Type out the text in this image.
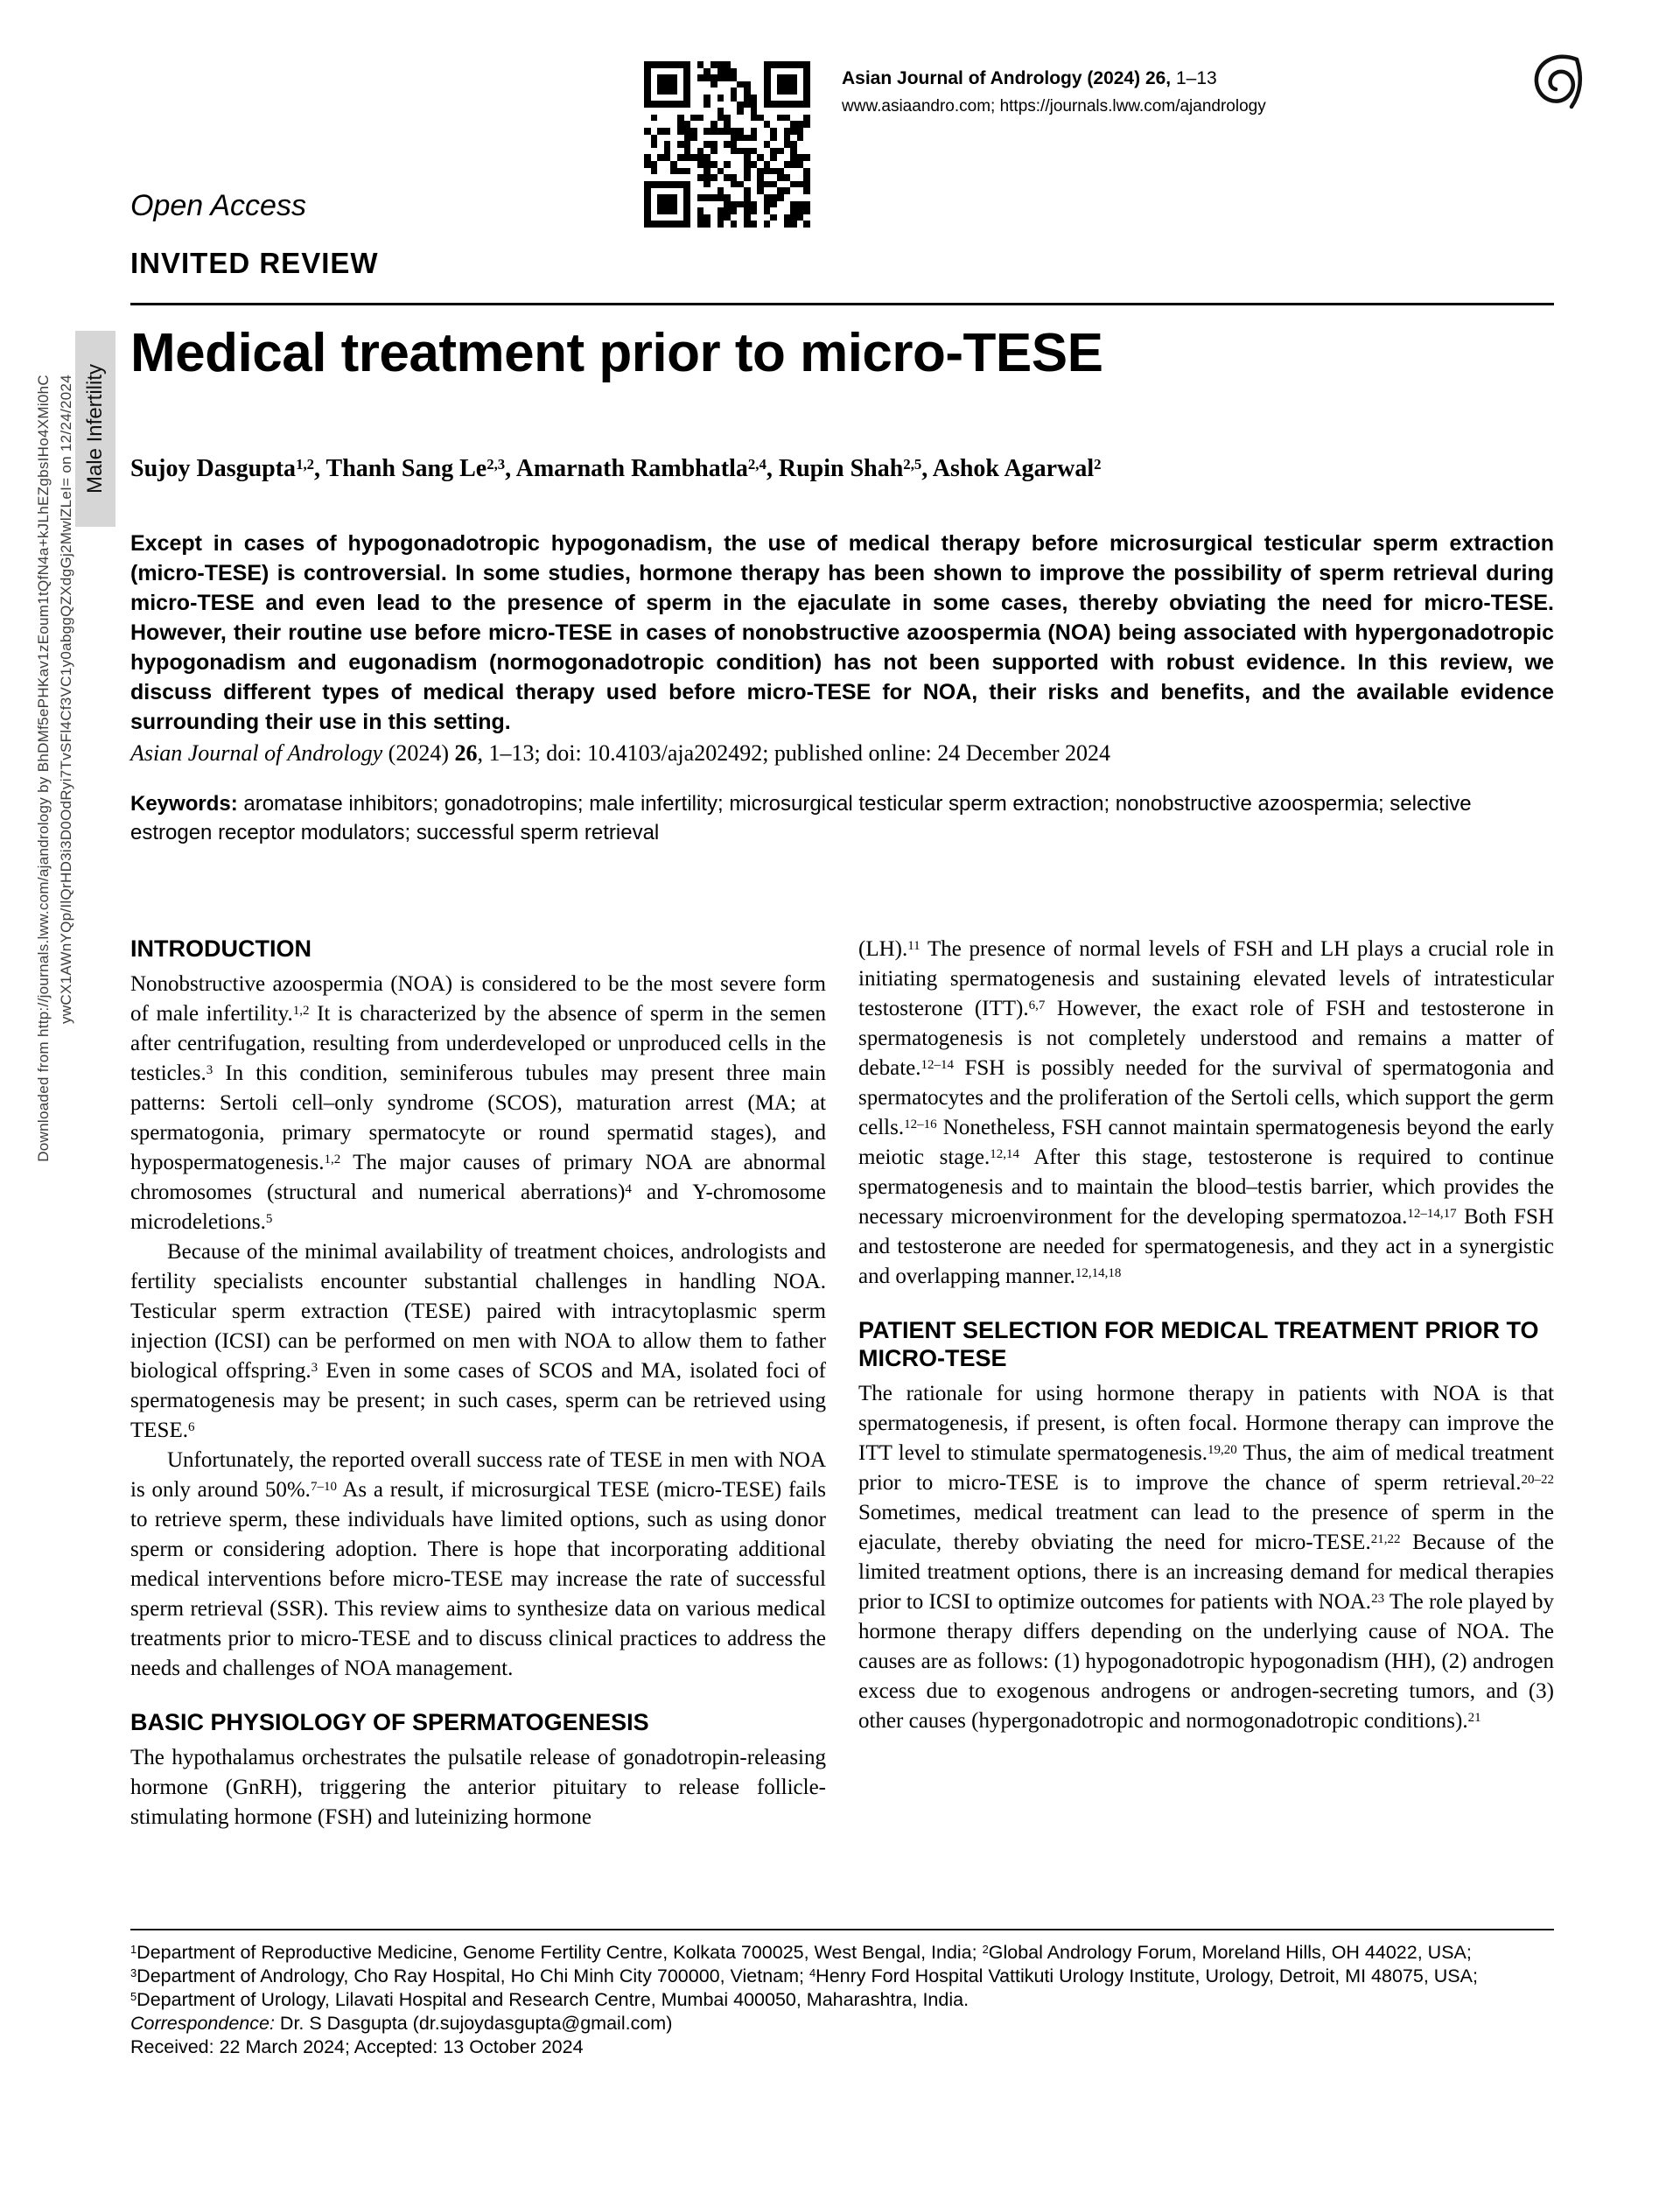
Downloaded from http://journals.lww.com/ajandrology by BhDMf5ePHKav1zEoum1tQfN4a+kJLhEZgbsIHo4XMi0hC ywCX1AWnYQp/IlQrHD3i3D0OdRyi7TvSFl4Cf3VC1y0abggQZXdgGj2MwlZLeI= on 12/24/2024 Male Infertility
Asian Journal of Andrology (2024) 26, 1–13
www.asiaandro.com; https://journals.lww.com/ajandrology
Open Access
INVITED REVIEW
Medical treatment prior to micro-TESE
Sujoy Dasgupta$^{1,2}$, Thanh Sang Le$^{2,3}$, Amarnath Rambhatla$^{2,4}$, Rupin Shah$^{2,5}$, Ashok Agarwal$^2$

Except in cases of hypogonadotropic hypogonadism, the use of medical therapy before microsurgical testicular sperm extraction (micro-TESE) is controversial. In some studies, hormone therapy has been shown to improve the possibility of sperm retrieval during micro-TESE and even lead to the presence of sperm in the ejaculate in some cases, thereby obviating the need for micro-TESE. However, their routine use before micro-TESE in cases of nonobstructive azoospermia (NOA) being associated with hypergonadotropic hypogonadism and eugonadism (normogonadotropic condition) has not been supported with robust evidence. In this review, we discuss different types of medical therapy used before micro-TESE for NOA, their risks and benefits, and the available evidence surrounding their use in this setting.

Asian Journal of Andrology (2024) 26, 1–13; doi: 10.4103/aja202492; published online: 24 December 2024

Keywords: aromatase inhibitors; gonadotropins; male infertility; microsurgical testicular sperm extraction; nonobstructive azoospermia; selective estrogen receptor modulators; successful sperm retrieval

INTRODUCTION

Nonobstructive azoospermia (NOA) is considered to be the most severe form of male infertility.$^{1,2}$ It is characterized by the absence of sperm in the semen after centrifugation, resulting from underdeveloped or unproduced cells in the testicles.$^3$ In this condition, seminiferous tubules may present three main patterns: Sertoli cell–only syndrome (SCOS), maturation arrest (MA; at spermatogonia, primary spermatocyte or round spermatid stages), and hypospermatogenesis.$^{1,2}$ The major causes of primary NOA are abnormal chromosomes (structural and numerical aberrations)$^4$ and Y-chromosome microdeletions.$^5$

Because of the minimal availability of treatment choices, andrologists and fertility specialists encounter substantial challenges in handling NOA. Testicular sperm extraction (TESE) paired with intracytoplasmic sperm injection (ICSI) can be performed on men with NOA to allow them to father biological offspring.$^3$ Even in some cases of SCOS and MA, isolated foci of spermatogenesis may be present; in such cases, sperm can be retrieved using TESE.$^6$

Unfortunately, the reported overall success rate of TESE in men with NOA is only around 50%.$^{7-10}$ As a result, if microsurgical TESE (micro-TESE) fails to retrieve sperm, these individuals have limited options, such as using donor sperm or considering adoption. There is hope that incorporating additional medical interventions before micro-TESE may increase the rate of successful sperm retrieval (SSR). This review aims to synthesize data on various medical treatments prior to micro-TESE and to discuss clinical practices to address the needs and challenges of NOA management.

BASIC PHYSIOLOGY OF SPERMATOGENESIS

The hypothalamus orchestrates the pulsatile release of gonadotropin-releasing hormone (GnRH), triggering the anterior pituitary to release follicle-stimulating hormone (FSH) and luteinizing hormone

(LH).$^{11}$ The presence of normal levels of FSH and LH plays a crucial role in initiating spermatogenesis and sustaining elevated levels of intratesticular testosterone (ITT).$^{6,7}$ However, the exact role of FSH and testosterone in spermatogenesis is not completely understood and remains a matter of debate.$^{12-14}$ FSH is possibly needed for the survival of spermatogonia and spermatocytes and the proliferation of the Sertoli cells, which support the germ cells.$^{12-16}$ Nonetheless, FSH cannot maintain spermatogenesis beyond the early meiotic stage.$^{12,14}$ After this stage, testosterone is required to continue spermatogenesis and to maintain the blood–testis barrier, which provides the necessary microenvironment for the developing spermatozoa.$^{12-14,17}$ Both FSH and testosterone are needed for spermatogenesis, and they act in a synergistic and overlapping manner.$^{12,14,18}$

PATIENT SELECTION FOR MEDICAL TREATMENT PRIOR TO MICRO-TESE

The rationale for using hormone therapy in patients with NOA is that spermatogenesis, if present, is often focal. Hormone therapy can improve the ITT level to stimulate spermatogenesis.$^{19,20}$ Thus, the aim of medical treatment prior to micro-TESE is to improve the chance of sperm retrieval.$^{20-22}$ Sometimes, medical treatment can lead to the presence of sperm in the ejaculate, thereby obviating the need for micro-TESE.$^{21,22}$ Because of the limited treatment options, there is an increasing demand for medical therapies prior to ICSI to optimize outcomes for patients with NOA.$^{23}$ The role played by hormone therapy differs depending on the underlying cause of NOA. The causes are as follows: (1) hypogonadotropic hypogonadism (HH), (2) androgen excess due to exogenous androgens or androgen-secreting tumors, and (3) other causes (hypergonadotropic and normogonadotropic conditions).$^{21}$

$^1$Department of Reproductive Medicine, Genome Fertility Centre, Kolkata 700025, West Bengal, India; $^2$Global Andrology Forum, Moreland Hills, OH 44022, USA; $^3$Department of Andrology, Cho Ray Hospital, Ho Chi Minh City 700000, Vietnam; $^4$Henry Ford Hospital Vattikuti Urology Institute, Urology, Detroit, MI 48075, USA; $^5$Department of Urology, Lilavati Hospital and Research Centre, Mumbai 400050, Maharashtra, India.

Correspondence: Dr. S Dasgupta (dr.sujoydasgupta@gmail.com)

Received: 22 March 2024; Accepted: 13 October 2024
